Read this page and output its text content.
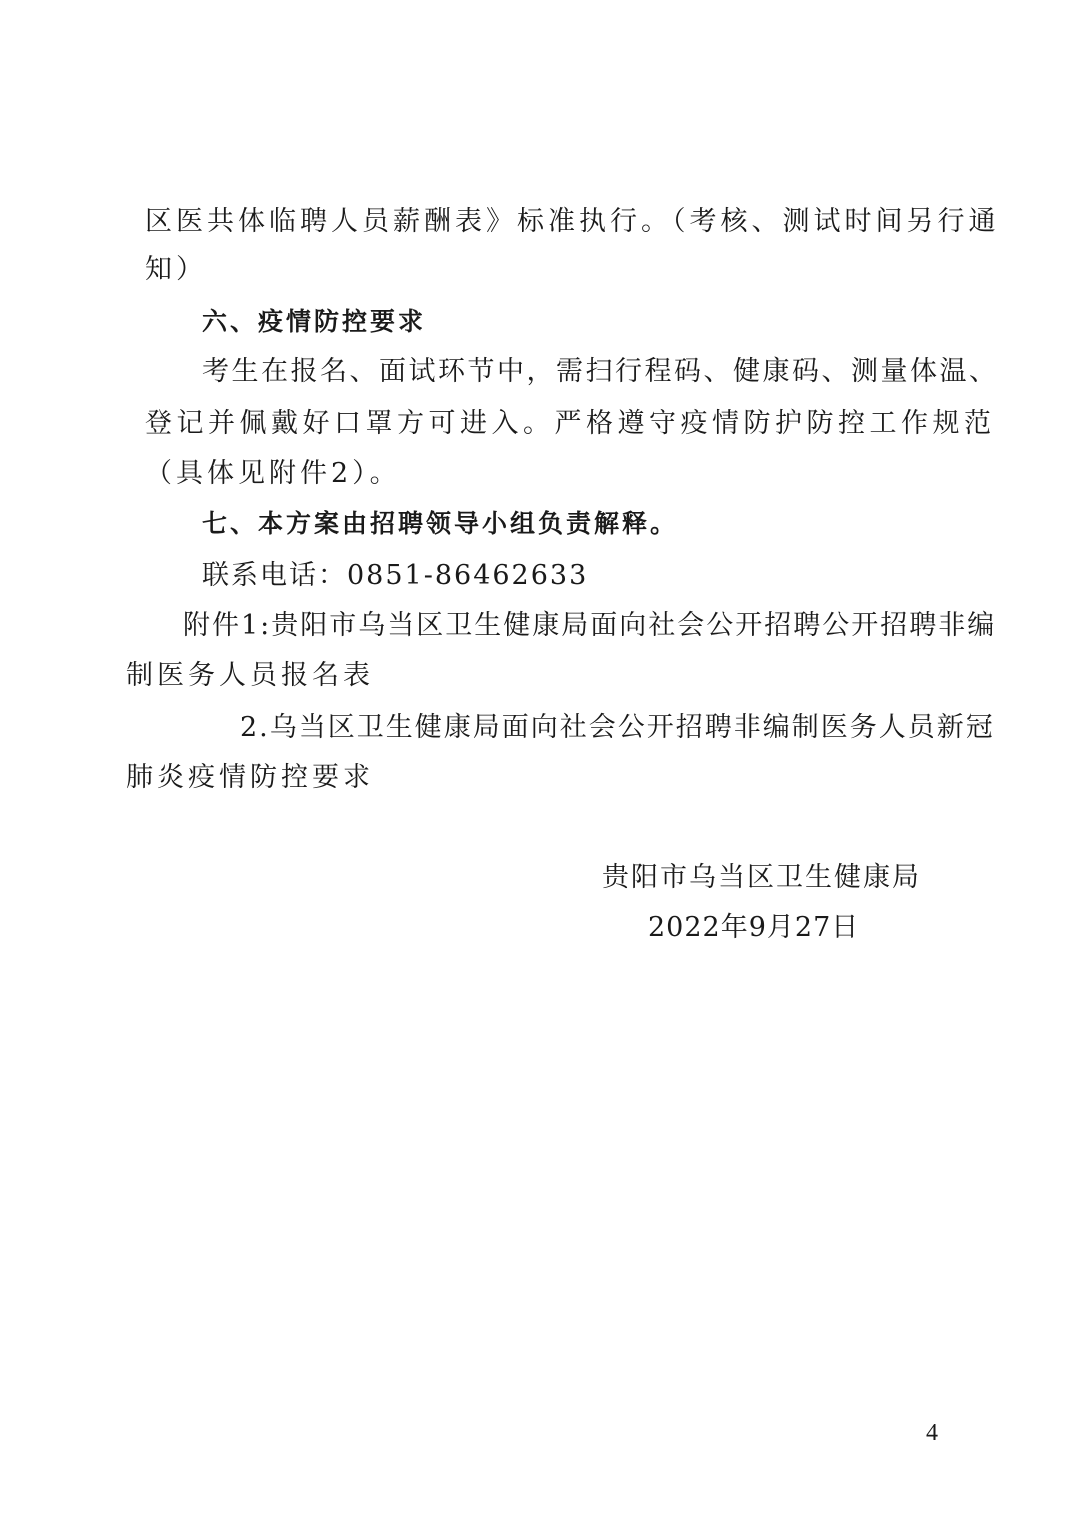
区医共体临聘人员薪酬表》标准执行。（考核、测试时间另行通
知）
六、疫情防控要求
考生在报名、面试环节中，需扫行程码、健康码、测量体温、
登记并佩戴好口罩方可进入。严格遵守疫情防护防控工作规范
（具体见附件2）。
七、本方案由招聘领导小组负责解释。
联系电话：0851-86462633
附件1:贵阳市乌当区卫生健康局面向社会公开招聘公开招聘非编
制医务人员报名表
2.乌当区卫生健康局面向社会公开招聘非编制医务人员新冠
肺炎疫情防控要求
贵阳市乌当区卫生健康局
2022年9月27日
4
